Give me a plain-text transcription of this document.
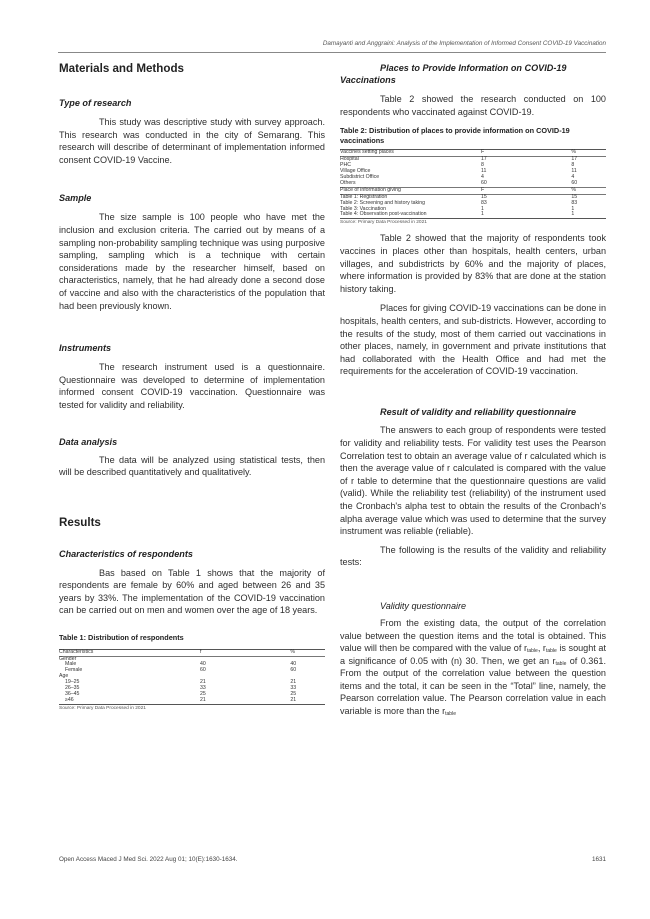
Damayanti and Anggraini: Analysis of the Implementation of Informed Consent COVID-19 Vaccination
Materials and Methods
Type of research

This study was descriptive study with survey approach. This research was conducted in the city of Semarang. This research will describe of determinant of implementation informed consent COVID-19 Vaccine.

Sample

The size sample is 100 people who have met the inclusion and exclusion criteria. The carried out by means of a sampling non-probability sampling technique was using purposive sampling, sampling which is a technique with certain considerations made by the researcher himself, based on characteristics, namely, that he had already done a second dose of vaccine and also with the characteristics of the population that had been previously known.

Instruments

The research instrument used is a questionnaire. Questionnaire was developed to determine of implementation informed consent COVID-19 vaccination. Questionnaire was tested for validity and reliability.

Data analysis

The data will be analyzed using statistical tests, then will be described quantitatively and qualitatively.

Results
Characteristics of respondents

Bas based on Table 1 shows that the majority of respondents are female by 60% and aged between 26 and 35 years by 33%. The implementation of the COVID-19 vaccination can be carried out on men and women over the age of 18 years.

Table 1: Distribution of respondents
Characteristics	f	%
Gender		
Male	40	40
Female	60	60
Age		
19–25	21	21
26–35	33	33
36–45	25	25
≥46	21	21
Source: Primary Data Processed in 2021
Places to Provide Information on COVID-19 Vaccinations

Table 2 showed the research conducted on 100 respondents who vaccinated against COVID-19.

Table 2: Distribution of places to provide information on COVID-19 vaccinations
Vaccines setting places	F	%
Hospital	17	17
PHC	8	8
Village Office	11	11
Subdistrict Office	4	4
Others	60	60
Place of information giving	F	%
Table 1: Registration	15	15
Table 2: Screening and history taking	83	83
Table 3: Vaccination	1	1
Table 4: Observation post-vaccination	1	1
Source: Primary Data Processed in 2021

Table 2 showed that the majority of respondents took vaccines in places other than hospitals, health centers, urban villages, and subdistricts by 60% and the majority of places, where information is provided by 83% that are done at the station history taking.

Places for giving COVID-19 vaccinations can be done in hospitals, health centers, and sub-districts. However, according to the results of the study, most of them carried out vaccinations in other places, namely, in government and private institutions that had collaborated with the Health Office and had met the requirements for the acceleration of COVID-19 vaccination.

Result of validity and reliability questionnaire

The answers to each group of respondents were tested for validity and reliability tests. For validity test uses the Pearson Correlation test to obtain an average value of r calculated which is then the average value of r calculated is compared with the value of r table to determine that the questionnaire questions are valid (valid). While the reliability test (reliability) of the instrument used the Cronbach's alpha test to obtain the results of the Cronbach's alpha average value which was used to determine that the survey instrument was reliable (reliable).

The following is the results of the validity and reliability tests:

Validity questionnaire

From the existing data, the output of the correlation value between the question items and the total is obtained. This value will then be compared with the value of $r_{table}$, $r_{table}$ is sought at a significance of 0.05 with (n) 30. Then, we get an $r_{table}$ of 0.361. From the output of the correlation value between the question items and the total, it can be seen in the “Total” line, namely, the Pearson correlation value. The Pearson correlation value in each variable is more than the $r_{table}$

Open Access Maced J Med Sci. 2022 Aug 01; 10(E):1630-1634.	1631
